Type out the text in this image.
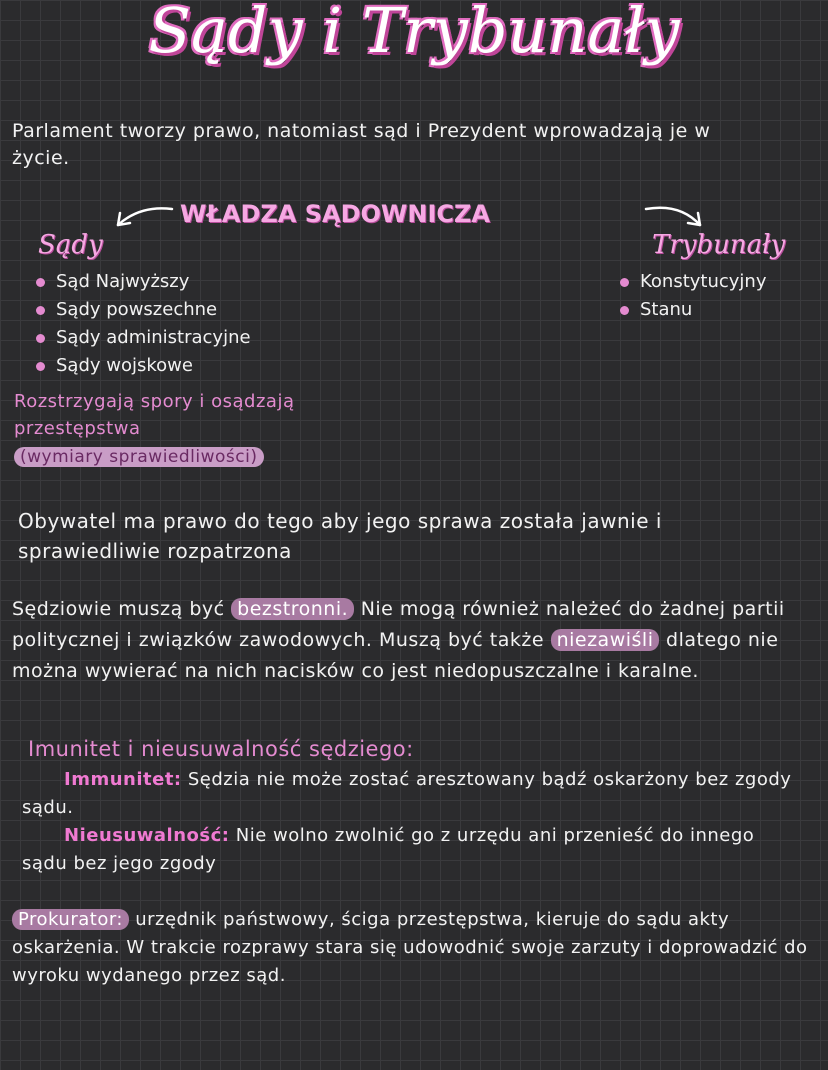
Sądy i Trybunały
Parlament tworzy prawo, natomiast sąd i Prezydent wprowadzają je w życie.
WŁADZA SĄDOWNICZA
Sądy
Sąd Najwyższy
Sądy powszechne
Sądy administracyjne
Sądy wojskowe
Rozstrzygają spory i osądzają przestępstwa
(wymiary sprawiedliwości)
Trybunały
Konstytucyjny
Stanu
Obywatel ma prawo do tego aby jego sprawa została jawnie i sprawiedliwie rozpatrzona
Sędziowie muszą być bezstronni. Nie mogą również należeć do żadnej partii politycznej i związków zawodowych. Muszą być także niezawiśli dlatego nie można wywierać na nich nacisków co jest niedopuszczalne i karalne.
Imunitet i nieusuwalność sędziego:
Immunitet: Sędzia nie może zostać aresztowany bądź oskarżony bez zgody sądu.
Nieusuwalność: Nie wolno zwolnić go z urzędu ani przenieść do innego sądu bez jego zgody
Prokurator: urzędnik państwowy, ściga przestępstwa, kieruje do sądu akty oskarżenia. W trakcie rozprawy stara się udowodnić swoje zarzuty i doprowadzić do wyroku wydanego przez sąd.
